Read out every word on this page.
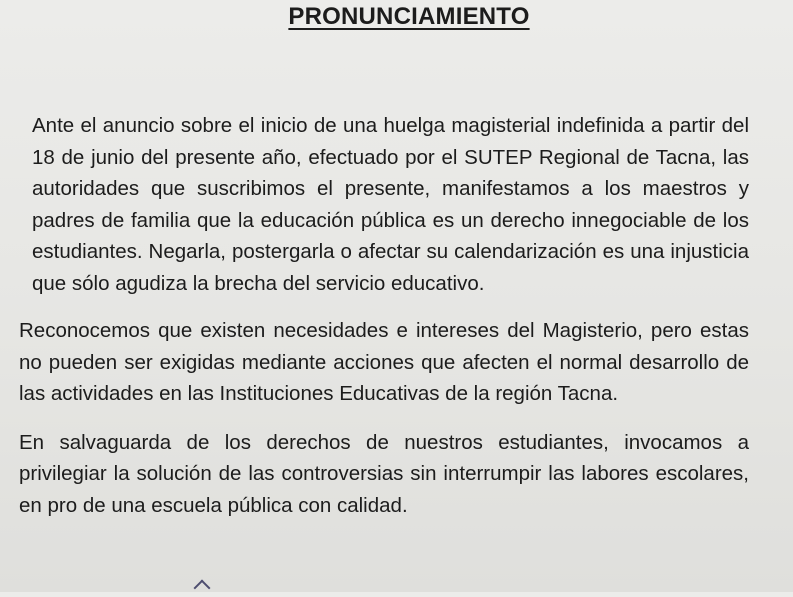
PRONUNCIAMIENTO

Ante el anuncio sobre el inicio de una huelga magisterial indefinida a partir del 18 de junio del presente año, efectuado por el SUTEP Regional de Tacna, las autoridades que suscribimos el presente, manifestamos a los maestros y padres de familia que la educación pública es un derecho innegociable de los estudiantes. Negarla, postergarla o afectar su calendarización es una injusticia que sólo agudiza la brecha del servicio educativo.

Reconocemos que existen necesidades e intereses del Magisterio, pero estas no pueden ser exigidas mediante acciones que afecten el normal desarrollo de las actividades en las Instituciones Educativas de la región Tacna.

En salvaguarda de los derechos de nuestros estudiantes, invocamos a privilegiar la solución de las controversias sin interrumpir las labores escolares, en pro de una escuela pública con calidad.
